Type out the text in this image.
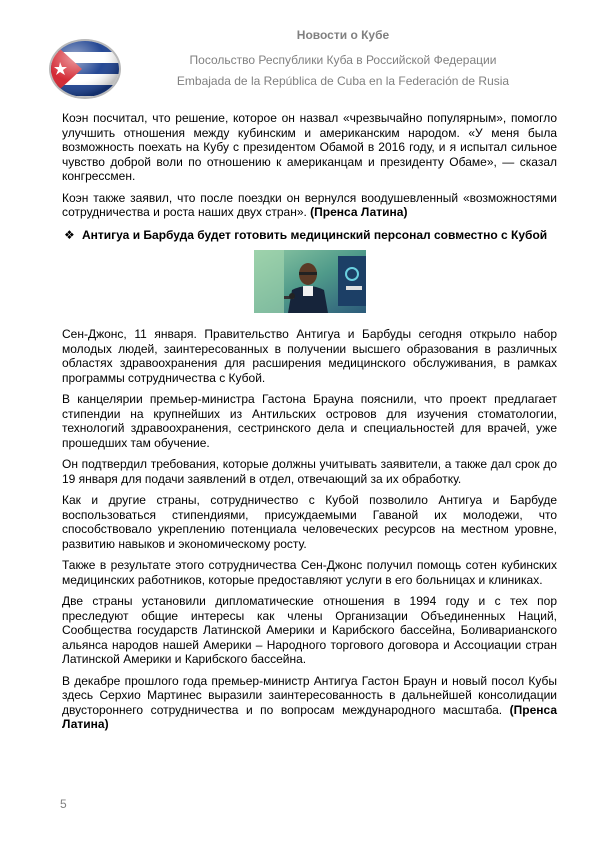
Новости о Кубе
Посольство Республики Куба в Российской Федерации
Embajada de la República de Cuba en la Federación de Rusia

Коэн посчитал, что решение, которое он назвал «чрезвычайно популярным», помогло улучшить отношения между кубинским и американским народом. «У меня была возможность поехать на Кубу с президентом Обамой в 2016 году, и я испытал сильное чувство доброй воли по отношению к американцам и президенту Обаме», — сказал конгрессмен.

Коэн также заявил, что после поездки он вернулся воодушевленный «возможностями сотрудничества и роста наших двух стран». (Пренса Латина)

❖ Антигуа и Барбуда будет готовить медицинский персонал совместно с Кубой

Сен-Джонс, 11 января. Правительство Антигуа и Барбуды сегодня открыло набор молодых людей, заинтересованных в получении высшего образования в различных областях здравоохранения для расширения медицинского обслуживания, в рамках программы сотрудничества с Кубой.

В канцелярии премьер-министра Гастона Брауна пояснили, что проект предлагает стипендии на крупнейших из Антильских островов для изучения стоматологии, технологий здравоохранения, сестринского дела и специальностей для врачей, уже прошедших там обучение.

Он подтвердил требования, которые должны учитывать заявители, а также дал срок до 19 января для подачи заявлений в отдел, отвечающий за их обработку.

Как и другие страны, сотрудничество с Кубой позволило Антигуа и Барбуде воспользоваться стипендиями, присуждаемыми Гаваной их молодежи, что способствовало укреплению потенциала человеческих ресурсов на местном уровне, развитию навыков и экономическому росту.

Также в результате этого сотрудничества Сен-Джонс получил помощь сотен кубинских медицинских работников, которые предоставляют услуги в его больницах и клиниках.

Две страны установили дипломатические отношения в 1994 году и с тех пор преследуют общие интересы как члены Организации Объединенных Наций, Сообщества государств Латинской Америки и Карибского бассейна, Боливарианского альянса народов нашей Америки – Народного торгового договора и Ассоциации стран Латинской Америки и Карибского бассейна.

В декабре прошлого года премьер-министр Антигуа Гастон Браун и новый посол Кубы здесь Серхио Мартинес выразили заинтересованность в дальнейшей консолидации двустороннего сотрудничества и по вопросам международного масштаба. (Пренса Латина)

5
